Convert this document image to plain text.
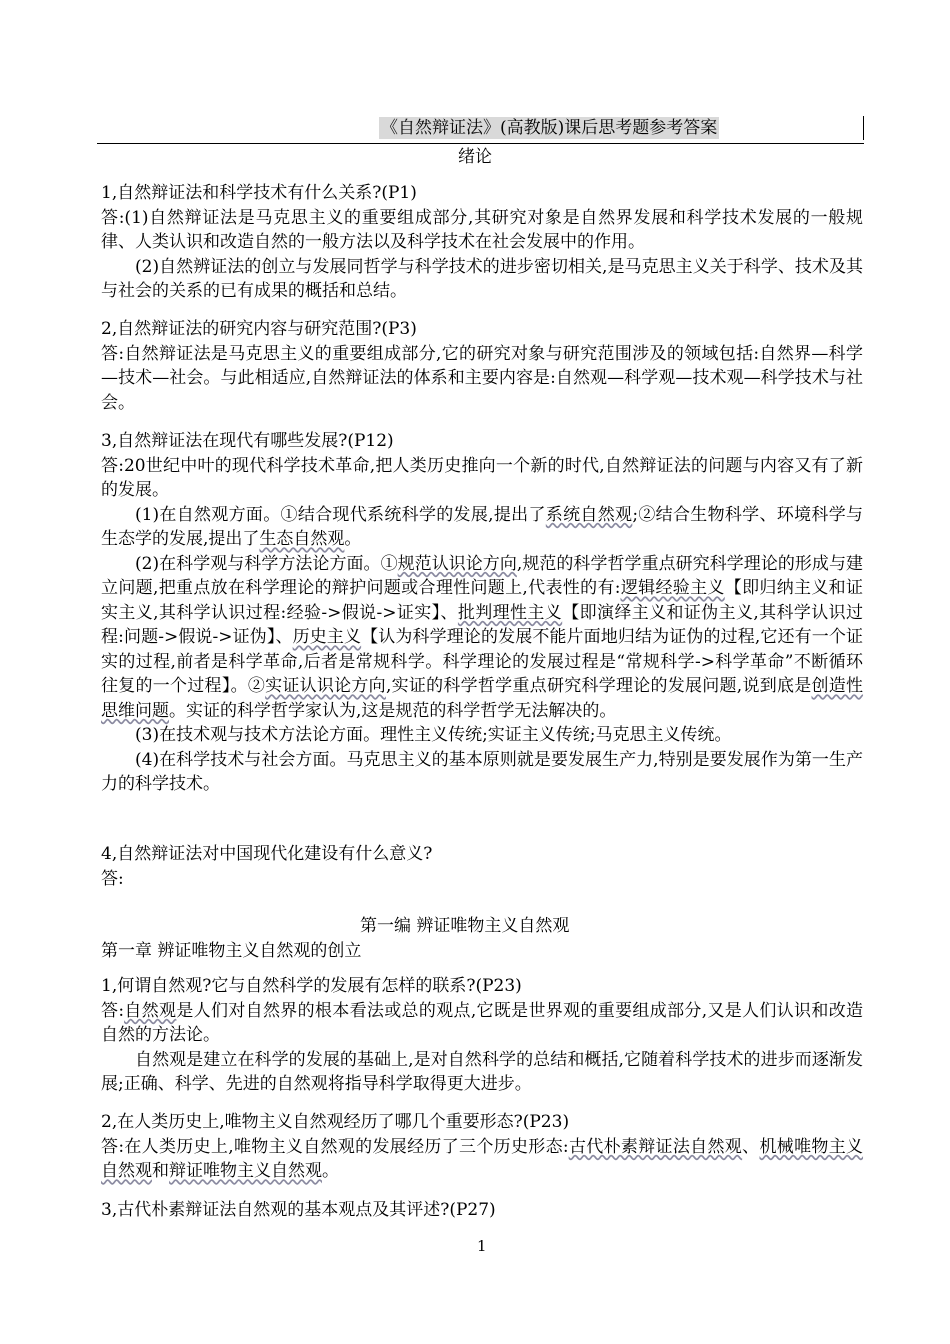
《自然辩证法》(高教版)课后思考题参考答案
绪论
1,自然辩证法和科学技术有什么关系?(P1)
答:(1)自然辩证法是马克思主义的重要组成部分,其研究对象是自然界发展和科学技术发展的一般规律、人类认识和改造自然的一般方法以及科学技术在社会发展中的作用。
(2)自然辨证法的创立与发展同哲学与科学技术的进步密切相关,是马克思主义关于科学、技术及其与社会的关系的已有成果的概括和总结。
2,自然辩证法的研究内容与研究范围?(P3)
答:自然辩证法是马克思主义的重要组成部分,它的研究对象与研究范围涉及的领域包括:自然界—科学—技术—社会。与此相适应,自然辩证法的体系和主要内容是:自然观—科学观—技术观—科学技术与社会。
3,自然辩证法在现代有哪些发展?(P12)
答:20世纪中叶的现代科学技术革命,把人类历史推向一个新的时代,自然辩证法的问题与内容又有了新的发展。
(1)在自然观方面。①结合现代系统科学的发展,提出了系统自然观;②结合生物科学、环境科学与生态学的发展,提出了生态自然观。
(2)在科学观与科学方法论方面。①规范认识论方向,规范的科学哲学重点研究科学理论的形成与建立问题,把重点放在科学理论的辩护问题或合理性问题上,代表性的有:逻辑经验主义【即归纳主义和证实主义,其科学认识过程:经验->假说->证实】、批判理性主义【即演绎主义和证伪主义,其科学认识过程:问题->假说->证伪】、历史主义【认为科学理论的发展不能片面地归结为证伪的过程,它还有一个证实的过程,前者是科学革命,后者是常规科学。科学理论的发展过程是“常规科学->科学革命”不断循环往复的一个过程】。②实证认识论方向,实证的科学哲学重点研究科学理论的发展问题,说到底是创造性思维问题。实证的科学哲学家认为,这是规范的科学哲学无法解决的。
(3)在技术观与技术方法论方面。理性主义传统;实证主义传统;马克思主义传统。
(4)在科学技术与社会方面。马克思主义的基本原则就是要发展生产力,特别是要发展作为第一生产力的科学技术。
4,自然辩证法对中国现代化建设有什么意义?
答:
第一编 辨证唯物主义自然观
第一章 辨证唯物主义自然观的创立
1,何谓自然观?它与自然科学的发展有怎样的联系?(P23)
答:自然观是人们对自然界的根本看法或总的观点,它既是世界观的重要组成部分,又是人们认识和改造自然的方法论。
自然观是建立在科学的发展的基础上,是对自然科学的总结和概括,它随着科学技术的进步而逐渐发展;正确、科学、先进的自然观将指导科学取得更大进步。
2,在人类历史上,唯物主义自然观经历了哪几个重要形态?(P23)
答:在人类历史上,唯物主义自然观的发展经历了三个历史形态:古代朴素辩证法自然观、机械唯物主义自然观和辩证唯物主义自然观。
3,古代朴素辩证法自然观的基本观点及其评述?(P27)
1
